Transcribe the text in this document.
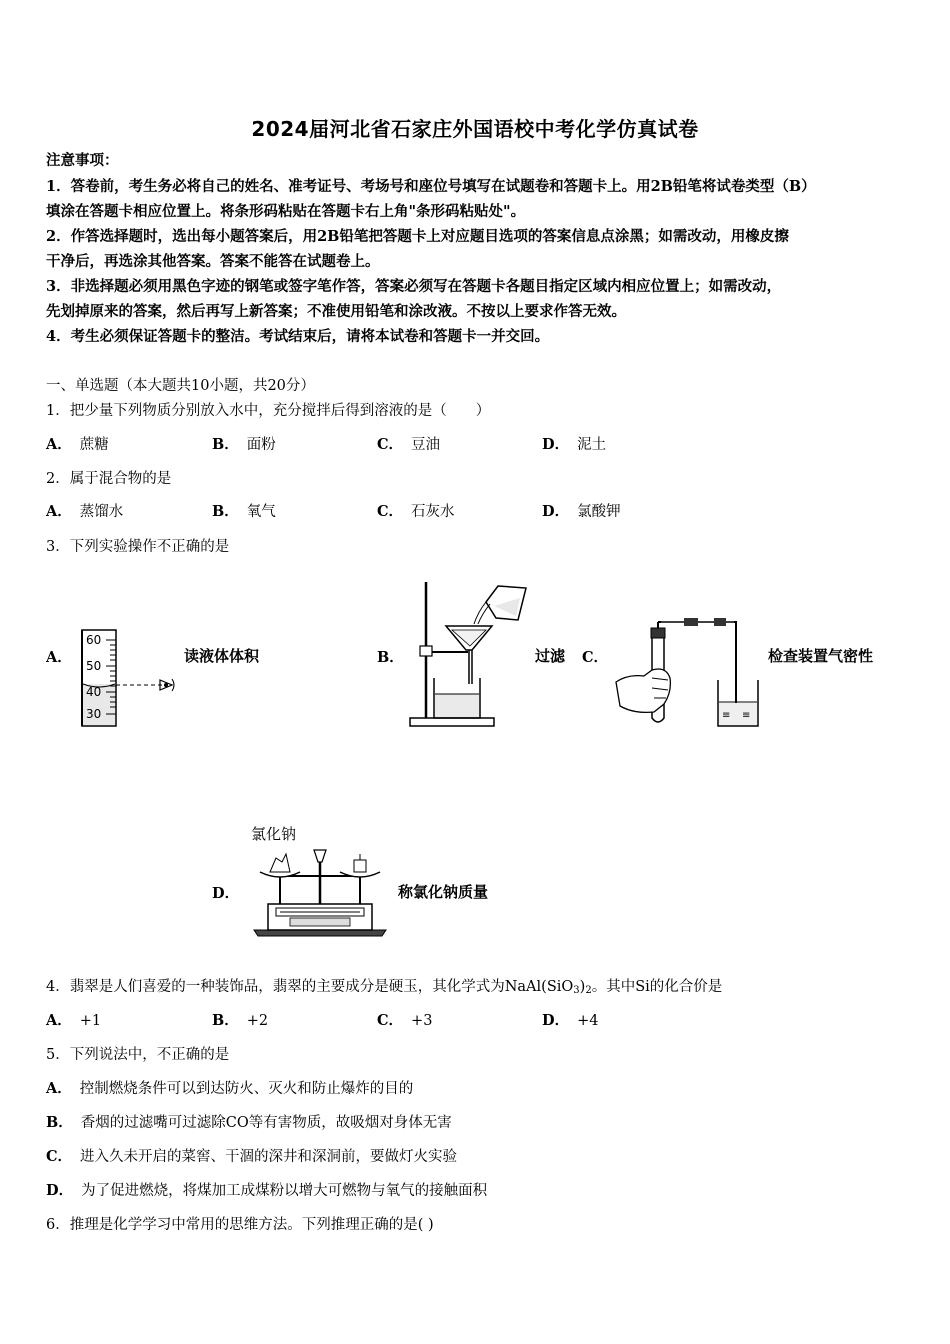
2024届河北省石家庄外国语校中考化学仿真试卷
注意事项：
1．答卷前，考生务必将自己的姓名、准考证号、考场号和座位号填写在试题卷和答题卡上。用2B铅笔将试卷类型（B）
填涂在答题卡相应位置上。将条形码粘贴在答题卡右上角"条形码粘贴处"。
2．作答选择题时，选出每小题答案后，用2B铅笔把答题卡上对应题目选项的答案信息点涂黑；如需改动，用橡皮擦
干净后，再选涂其他答案。答案不能答在试题卷上。
3．非选择题必须用黑色字迹的钢笔或签字笔作答，答案必须写在答题卡各题目指定区域内相应位置上；如需改动，
先划掉原来的答案，然后再写上新答案；不准使用铅笔和涂改液。不按以上要求作答无效。
4．考生必须保证答题卡的整洁。考试结束后，请将本试卷和答题卡一并交回。
一、单选题（本大题共10小题，共20分）
1．把少量下列物质分别放入水中，充分搅拌后得到溶液的是（　　）
A． 蔗糖	B． 面粉	C． 豆油	D． 泥土
2．属于混合物的是
A． 蒸馏水	B． 氧气	C． 石灰水	D． 氯酸钾
3．下列实验操作不正确的是
A．
60
50
40
30
读液体体积	B．	过滤 C．
≡ ≡
检查装置气密性
D．
氯化钠
称氯化钠质量
4．翡翠是人们喜爱的一种装饰品，翡翠的主要成分是硬玉，其化学式为$NaAl(SiO_3)_2$。其中Si的化合价是
A． +1	B． +2	C． +3	D． +4
5．下列说法中，不正确的是
A． 控制燃烧条件可以到达防火、灭火和防止爆炸的目的
B． 香烟的过滤嘴可过滤除CO等有害物质，故吸烟对身体无害
C． 进入久未开启的菜窖、干涸的深井和深洞前，要做灯火实验
D． 为了促进燃烧，将煤加工成煤粉以增大可燃物与氧气的接触面积
6．推理是化学学习中常用的思维方法。下列推理正确的是( )
